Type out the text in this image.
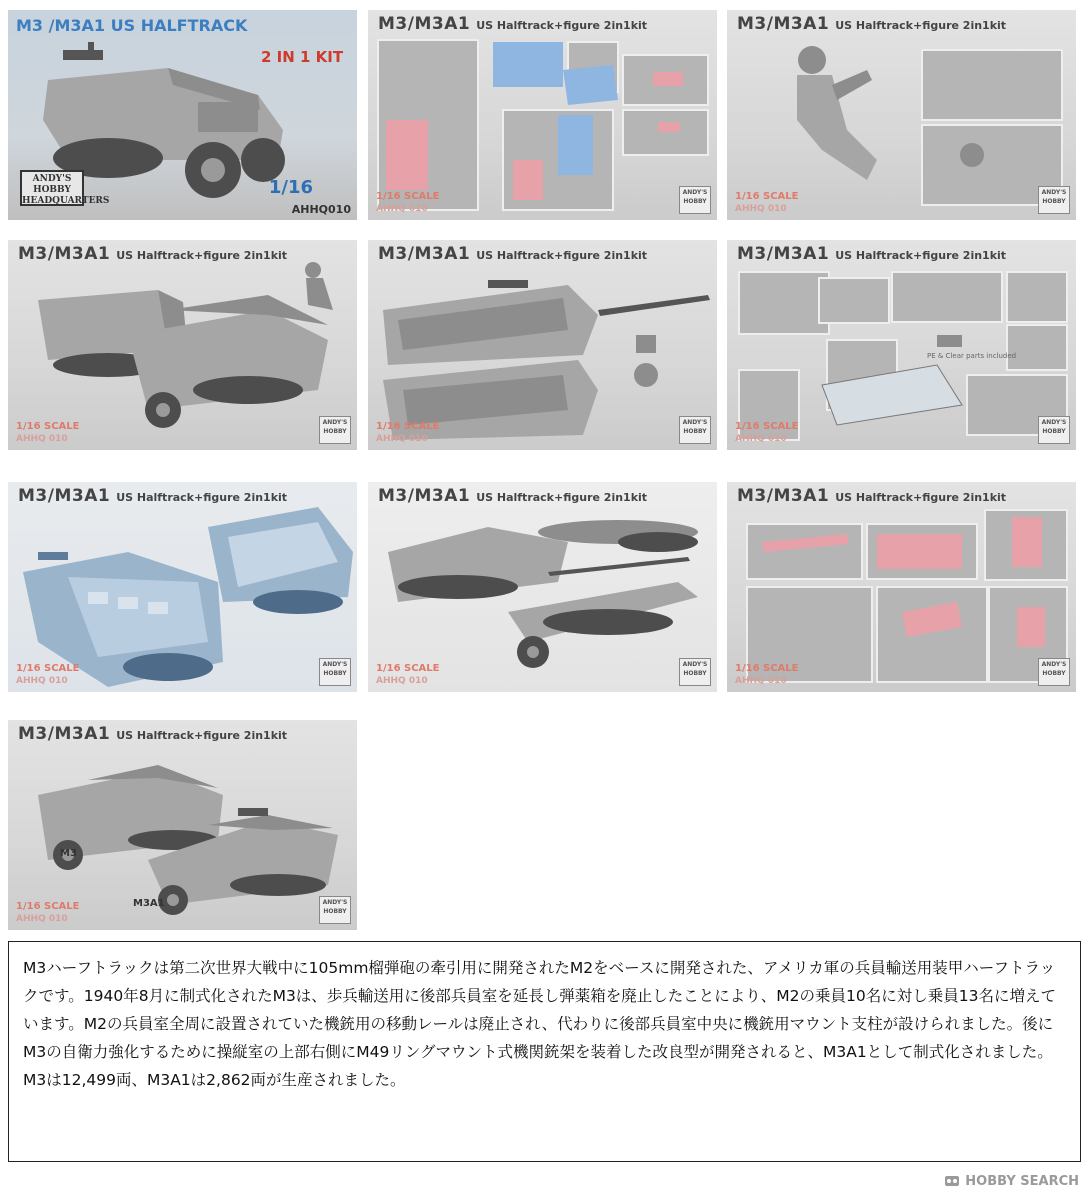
M3 /M3A1 US HALFTRACK
2 IN 1 KIT
ANDY'S HOBBY HEADQUARTERS
1/16
AHHQ010
M3/M3A1 US Halftrack+figure 2in1kit
1/16 SCALE
AHHQ 010
ANDY'S HOBBY
M3/M3A1 US Halftrack+figure 2in1kit
1/16 SCALE
AHHQ 010
ANDY'S HOBBY
M3/M3A1 US Halftrack+figure 2in1kit
1/16 SCALE
AHHQ 010
ANDY'S HOBBY
M3/M3A1 US Halftrack+figure 2in1kit
1/16 SCALE
AHHQ 010
ANDY'S HOBBY
PE & Clear parts included
M3/M3A1 US Halftrack+figure 2in1kit
1/16 SCALE
AHHQ 010
ANDY'S HOBBY
M3/M3A1 US Halftrack+figure 2in1kit
1/16 SCALE
AHHQ 010
ANDY'S HOBBY
M3/M3A1 US Halftrack+figure 2in1kit
1/16 SCALE
AHHQ 010
ANDY'S HOBBY
M3/M3A1 US Halftrack+figure 2in1kit
1/16 SCALE
AHHQ 010
ANDY'S HOBBY
M3
M3A1
M3/M3A1 US Halftrack+figure 2in1kit
1/16 SCALE
AHHQ 010
ANDY'S HOBBY
M3ハーフトラックは第二次世界大戦中に105mm榴弾砲の牽引用に開発されたM2をベースに開発された、アメリカ軍の兵員輸送用装甲ハーフトラックです。1940年8月に制式化されたM3は、歩兵輸送用に後部兵員室を延長し弾薬箱を廃止したことにより、M2の乗員10名に対し乗員13名に増えています。M2の兵員室全周に設置されていた機銃用の移動レールは廃止され、代わりに後部兵員室中央に機銃用マウント支柱が設けられました。後にM3の自衛力強化するために操縦室の上部右側にM49リングマウント式機関銃架を装着した改良型が開発されると、M3A1として制式化されました。M3は12,499両、M3A1は2,862両が生産されました。
HOBBY SEARCH
